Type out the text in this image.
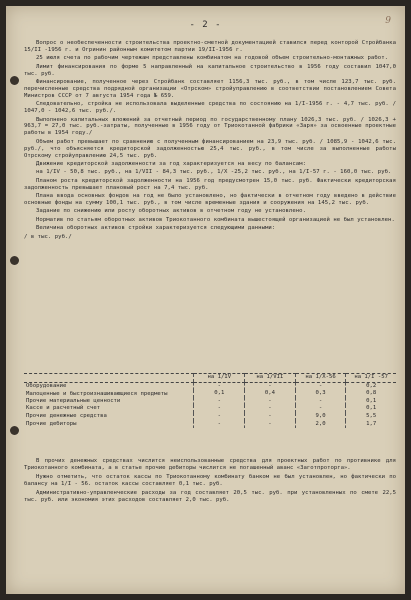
- 2 -	9

Вопрос о необеспеченности строительства проектно-сметной документацией ставился перед конторой Стройбанка 15/II -1956 г. и Огринин районным комитетом партии 19/II-1956 г.

25 июля счета по рабочим чертежам представлены комбинатом на годовой объем строительно-монтажных работ.

Лимит финансирования по форме 5 направленный на капитальное строительство в 1956 году составил 1047,0 тыс. руб.

Финансирование, полученное через Стройбанк составляет 1156,3 тыс. руб., в том числе 123,7 тыс. руб. перечисленные средства подрядной организации «Отрском» стройуправлению в соответствии постановлением Совета Министров СССР от 7 августа 1954 года № 659.

Следовательно, стройка не использовала выделенные средства по состоянию на 1/I-1956 г. - 4,7 тыс. руб. / 1047,0 - 1042,6 тыс. руб./.

Выполнено капитальных вложений за отчетный период по государственному плану 1026,3 тыс. руб. / 1026,3 + 963,7 = 27,0 тыс. руб.-затраты, полученные в 1956 году от Триокотанной фабрики «Заря» за освоенные проектные работы в 1954 году./

Объем работ превышает по сравнению с полученным финансированием на 23,9 тыс. руб. / 1085,9 - 1042,6 тыс. руб./, что объясняется кредиторской задолженностью 25,4 тыс. руб., в том числе за выполненные работы Отрскому стройуправлению 24,5 тыс. руб.

Движение кредиторской задолженности за год характеризуется на весу по балансам:

на 1/IV - 50,8 тыс. руб., на 1/VII - 84,3 тыс. руб., 1/X -25,2 тыс. руб., на 1/I-57 г. - 160,0 тыс. руб.

Планом роста кредиторской задолженности на 1956 год предусмотрен 15,0 тыс. руб. Фактически кредиторская задолженность превышает плановый рост на 7,4 тыс. руб.

Плана ввода основных фондов на год не было установлено, но фактически в отчетном году введено в действие основные фонды на сумму 100,1 тыс. руб., в том числе временные здания и сооружения на 145,2 тыс. руб.

Задание по снижению или росту оборотных активов в отчетном году не установлено.

Норматив по статьям оборотных активов Триокотанного комбината вышестоящей организацией не был установлен.

Величина оборотных активов стройки характеризуется следующими данными:

/ в тыс. руб./

	на 1/IV	на 1/VII	на 1/X-56	на 1/I -57
Оборудование	-	-	-	0,2
Малоценные и быстроизнашивающиеся предметы	0,1	0,4	0,3	0,8
Прочие материальные ценности	-	-	-	0,1
Кассе и расчетный счет	-	-	-	0,1
Прочие денежные средства	-	-	9,0	5,5
Прочие дебиторы	-	-	2,0	1,7

В прочих денежных средствах числится неиспользованные средства для проектных работ по противнике для Триокотанного комбината, а в статье прочие дебиторы числится не погашенный аванс «Заготпроторга».

Нужно отметить, что остаток кассы по Триокотанному комбинату банком не был установлен, но фактически по балансу на 1/I - 56. остаток кассы составляет 0,1 тыс. руб.

Административно-управленческие расходы за год составляет 20,5 тыс. руб. при установленных по смете 22,5 тыс. руб. или экономия этих расходов составляет 2,0 тыс. руб.
